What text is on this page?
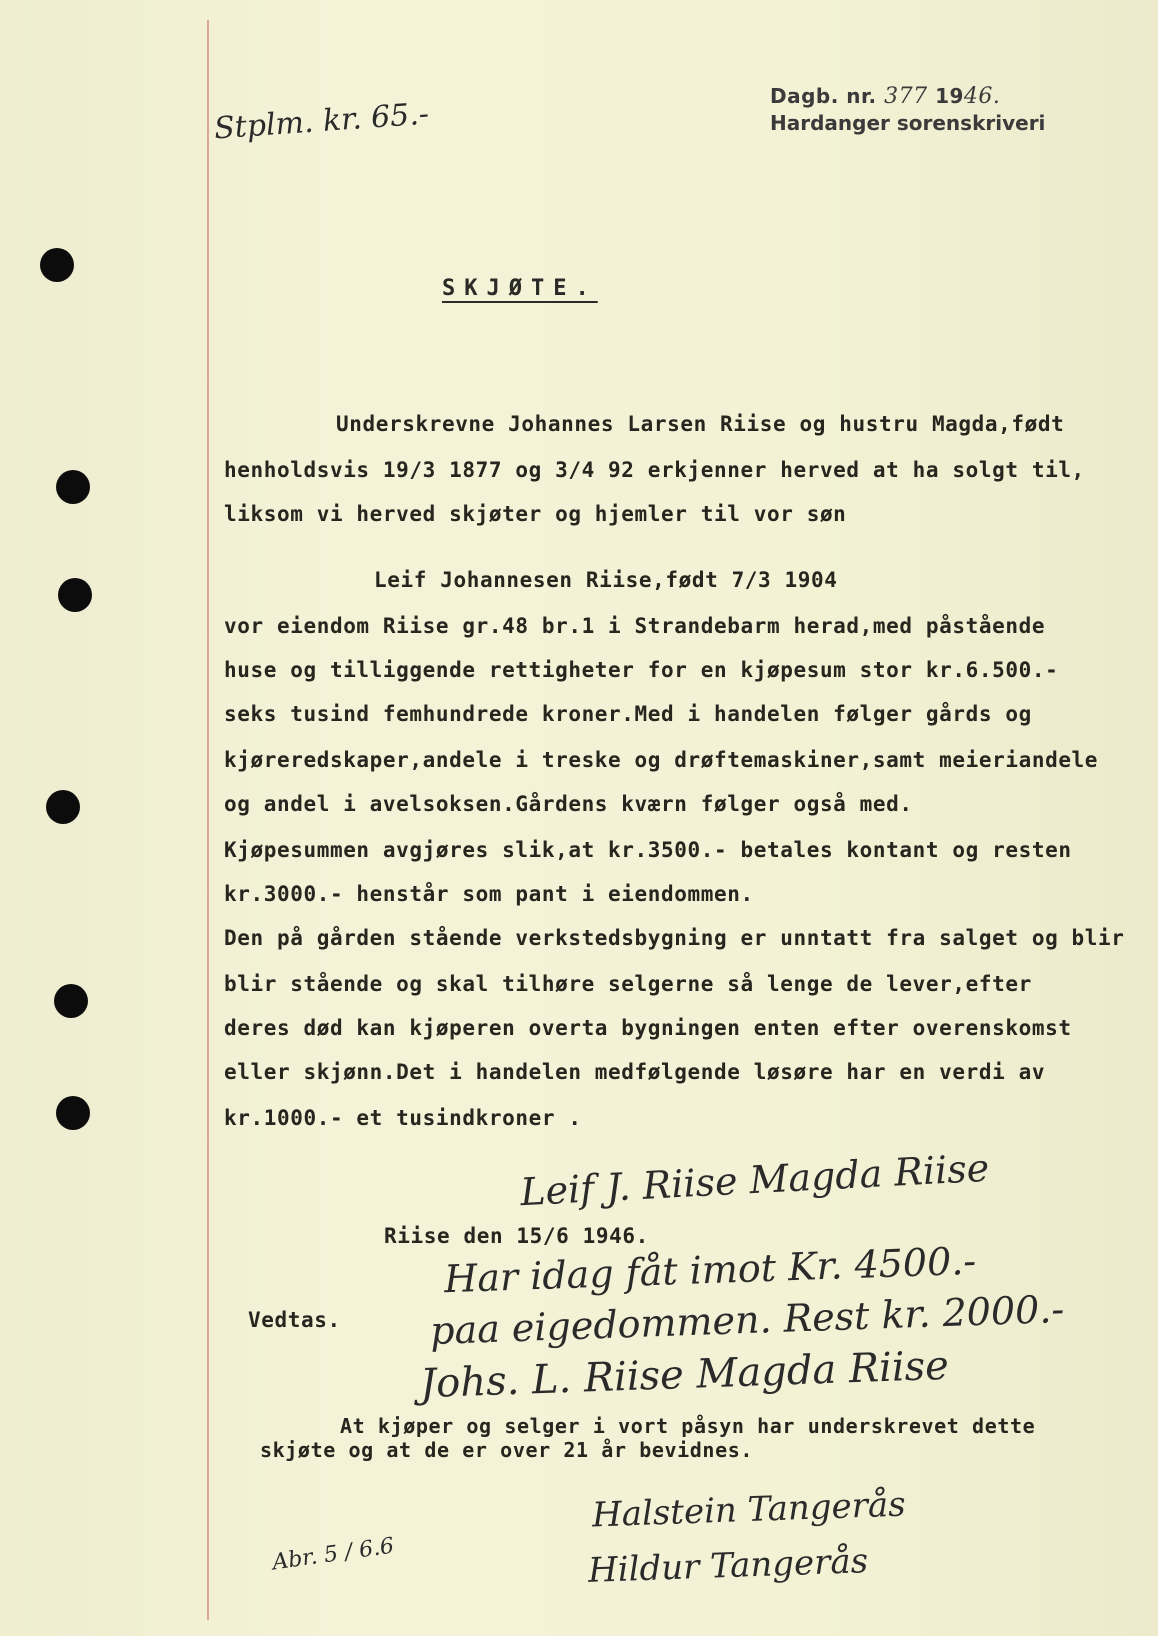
Stplm. kr. 65.-
Dagb. nr. 377 1946.
Hardanger sorenskriveri
SKJØTE.
Underskrevne Johannes Larsen Riise og hustru Magda,født
henholdsvis 19/3 1877 og 3/4 92 erkjenner herved at ha solgt til,
liksom vi herved skjøter og hjemler til vor søn
Leif Johannesen Riise,født 7/3 1904
vor eiendom Riise gr.48 br.1 i Strandebarm herad,med påstående
huse og tilliggende rettigheter for en kjøpesum stor kr.6.500.-
seks tusind femhundrede kroner.Med i handelen følger gårds og
kjøreredskaper,andele i treske og drøftemaskiner,samt meieriandele
og andel i avelsoksen.Gårdens kværn følger også med.
Kjøpesummen avgjøres slik,at kr.3500.- betales kontant og resten
kr.3000.- henstår som pant i eiendommen.
Den på gården stående verkstedsbygning er unntatt fra salget og blir
blir stående og skal tilhøre selgerne så lenge de lever,efter
deres død kan kjøperen overta bygningen enten efter overenskomst
eller skjønn.Det i handelen medfølgende løsøre har en verdi av
kr.1000.- et tusindkroner .
Leif J. Riise Magda Riise
Riise den 15/6 1946.
Vedtas.
Har idag fåt imot Kr. 4500.-
paa eigedommen. Rest kr. 2000.-
Johs. L. Riise Magda Riise
At kjøper og selger i vort påsyn har underskrevet dette
skjøte og at de er over 21 år bevidnes.
Halstein Tangerås
Hildur Tangerås
Abr. 5 / 6.6
